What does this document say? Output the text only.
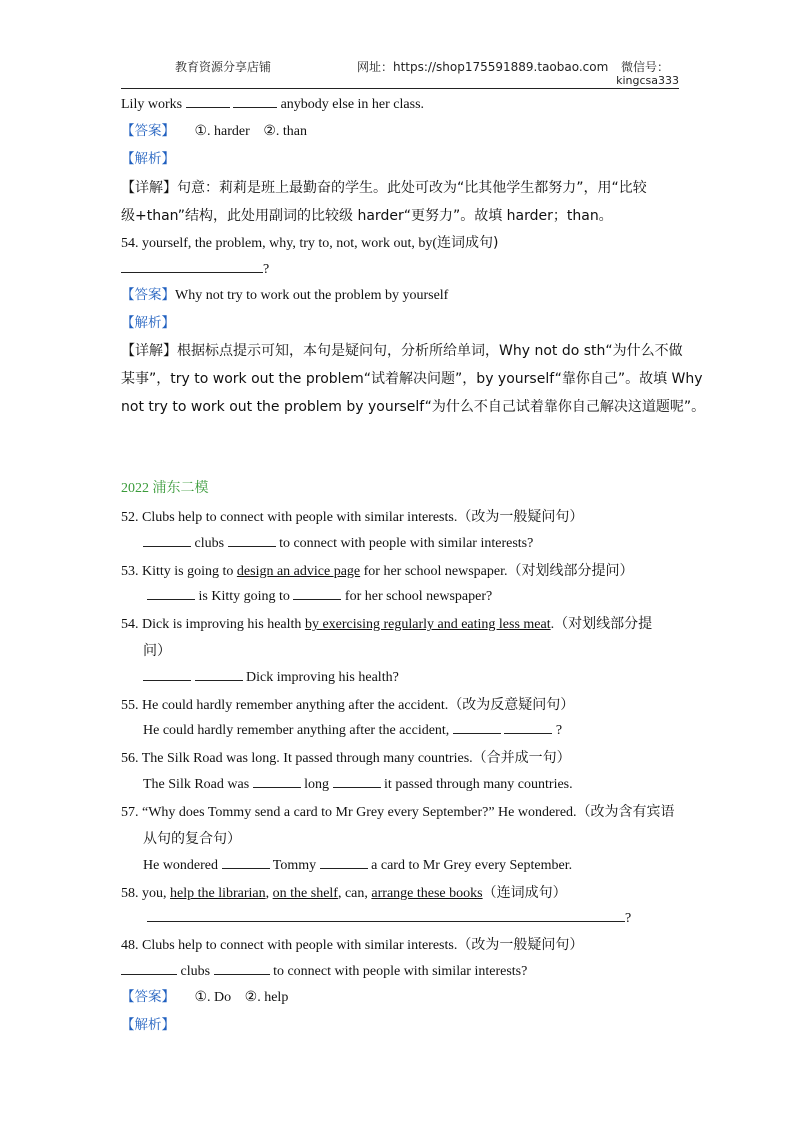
教育资源分享店铺	网址：https://shop175591889.taobao.com 微信号：
kingcsa333
Lily works	anybody else in her class.
【答案】 ①. harder ②. than
【解析】
【详解】句意：莉莉是班上最勤奋的学生。此处可改为“比其他学生都努力”，用“比较
级+than”结构，此处用副词的比较级 harder“更努力”。故填 harder；than。
54. yourself, the problem, why, try to, not, work out, by(连词成句)
?
【答案】Why not try to work out the problem by yourself
【解析】
【详解】根据标点提示可知，本句是疑问句，分析所给单词，Why not do sth“为什么不做
某事”，try to work out the problem“试着解决问题”，by yourself“靠你自己”。故填 Why
not try to work out the problem by yourself“为什么不自己试着靠你自己解决这道题呢”。
2022 浦东二模
52. Clubs help to connect with people with similar interests.（改为一般疑问句）
clubs	to connect with people with similar interests?
53. Kitty is going to design an advice page for her school newspaper.（对划线部分提问）
is Kitty going to	for her school newspaper?
54. Dick is improving his health by exercising regularly and eating less meat.（对划线部分提
问）
Dick improving his health?
55. He could hardly remember anything after the accident.（改为反意疑问句）
He could hardly remember anything after the accident,	?
56. The Silk Road was long. It passed through many countries.（合并成一句）
The Silk Road was	long	it passed through many countries.
57. “Why does Tommy send a card to Mr Grey every September?” He wondered.（改为含有宾语
从句的复合句）
He wondered	Tommy	a card to Mr Grey every September.
58. you, help the librarian, on the shelf, can, arrange these books（连词成句）
?
48. Clubs help to connect with people with similar interests.（改为一般疑问句）
clubs	to connect with people with similar interests?
【答案】 ①. Do ②. help
【解析】
